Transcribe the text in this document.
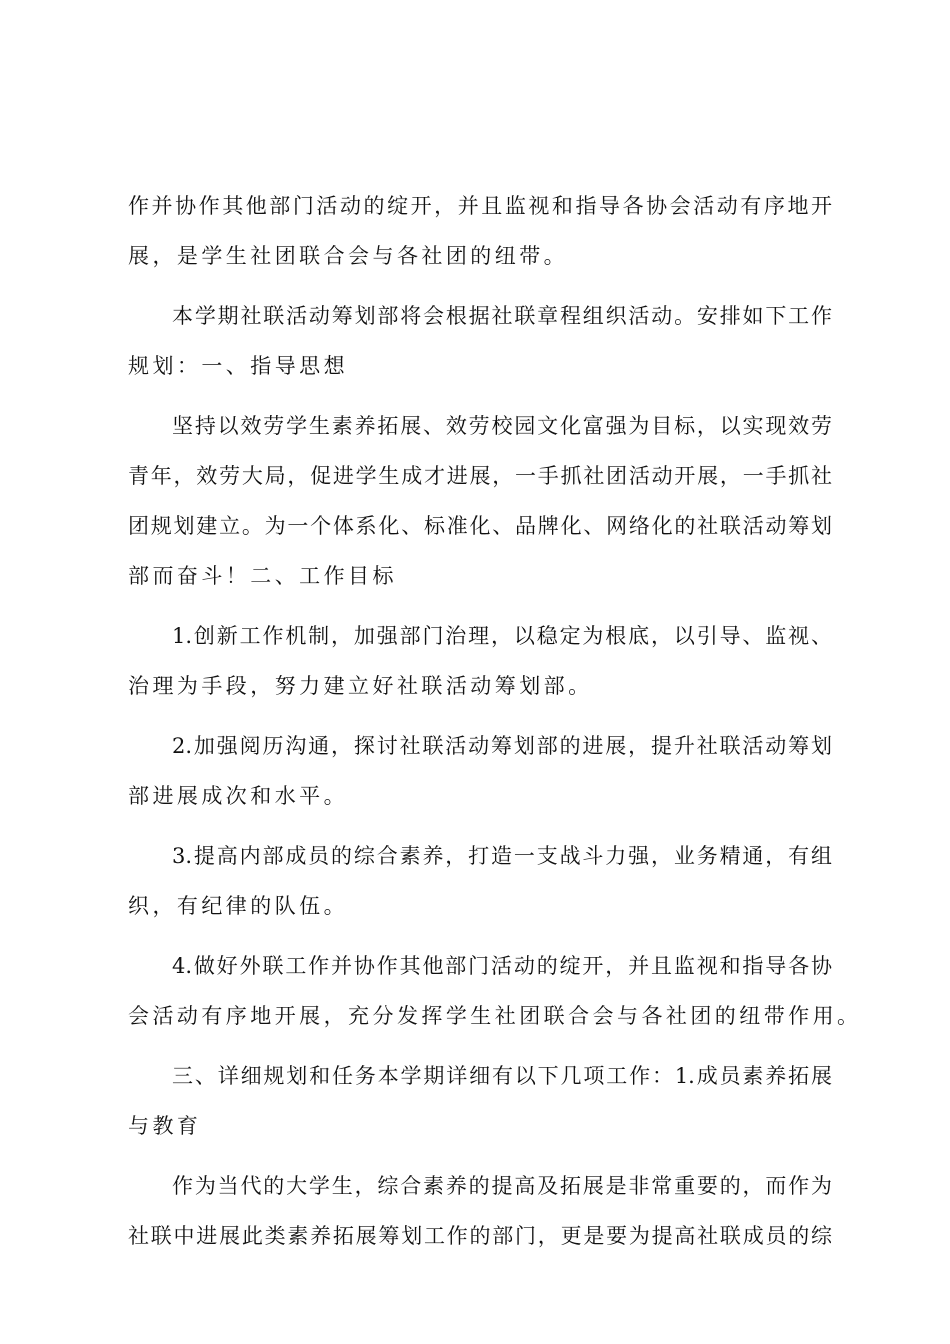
作并协作其他部门活动的绽开，并且监视和指导各协会活动有序地开
展，是学生社团联合会与各社团的纽带。
本学期社联活动筹划部将会根据社联章程组织活动。安排如下工作
规划：一、指导思想
坚持以效劳学生素养拓展、效劳校园文化富强为目标，以实现效劳
青年，效劳大局，促进学生成才进展，一手抓社团活动开展，一手抓社
团规划建立。为一个体系化、标准化、品牌化、网络化的社联活动筹划
部而奋斗！二、工作目标
1.创新工作机制，加强部门治理，以稳定为根底，以引导、监视、
治理为手段，努力建立好社联活动筹划部。
2.加强阅历沟通，探讨社联活动筹划部的进展，提升社联活动筹划
部进展成次和水平。
3.提高内部成员的综合素养，打造一支战斗力强，业务精通，有组
织，有纪律的队伍。
4.做好外联工作并协作其他部门活动的绽开，并且监视和指导各协
会活动有序地开展，充分发挥学生社团联合会与各社团的纽带作用。
三、详细规划和任务本学期详细有以下几项工作：1.成员素养拓展
与教育
作为当代的大学生，综合素养的提高及拓展是非常重要的，而作为
社联中进展此类素养拓展筹划工作的部门，更是要为提高社联成员的综
